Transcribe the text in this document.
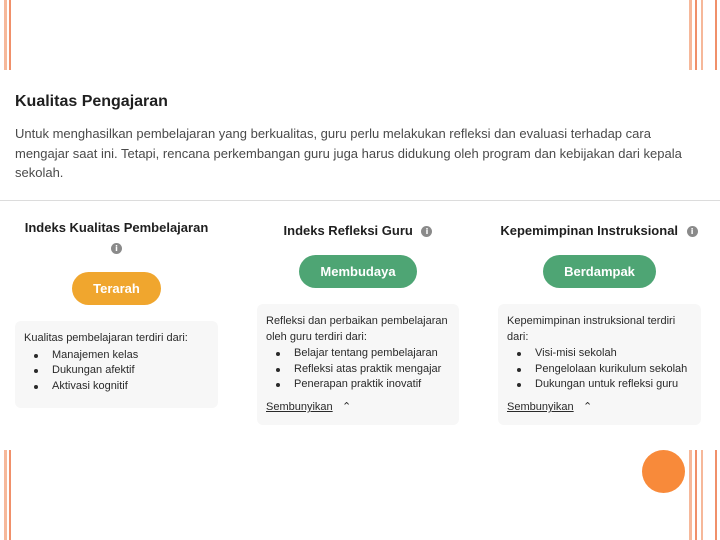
Kualitas Pengajaran
Untuk menghasilkan pembelajaran yang berkualitas, guru perlu melakukan refleksi dan evaluasi terhadap cara mengajar saat ini. Tetapi, rencana perkembangan guru juga harus didukung oleh program dan kebijakan dari kepala sekolah.
Indeks Kualitas Pembelajaran
i
Terarah
Kualitas pembelajaran terdiri dari:
Manajemen kelas
Dukungan afektif
Aktivasi kognitif
Indeks Refleksi Guru i
Membudaya
Refleksi dan perbaikan pembelajaran oleh guru terdiri dari:
Belajar tentang pembelajaran
Refleksi atas praktik mengajar
Penerapan praktik inovatif
Sembunyikan ⌃
Kepemimpinan Instruksional i
Berdampak
Kepemimpinan instruksional terdiri dari:
Visi-misi sekolah
Pengelolaan kurikulum sekolah
Dukungan untuk refleksi guru
Sembunyikan ⌃
